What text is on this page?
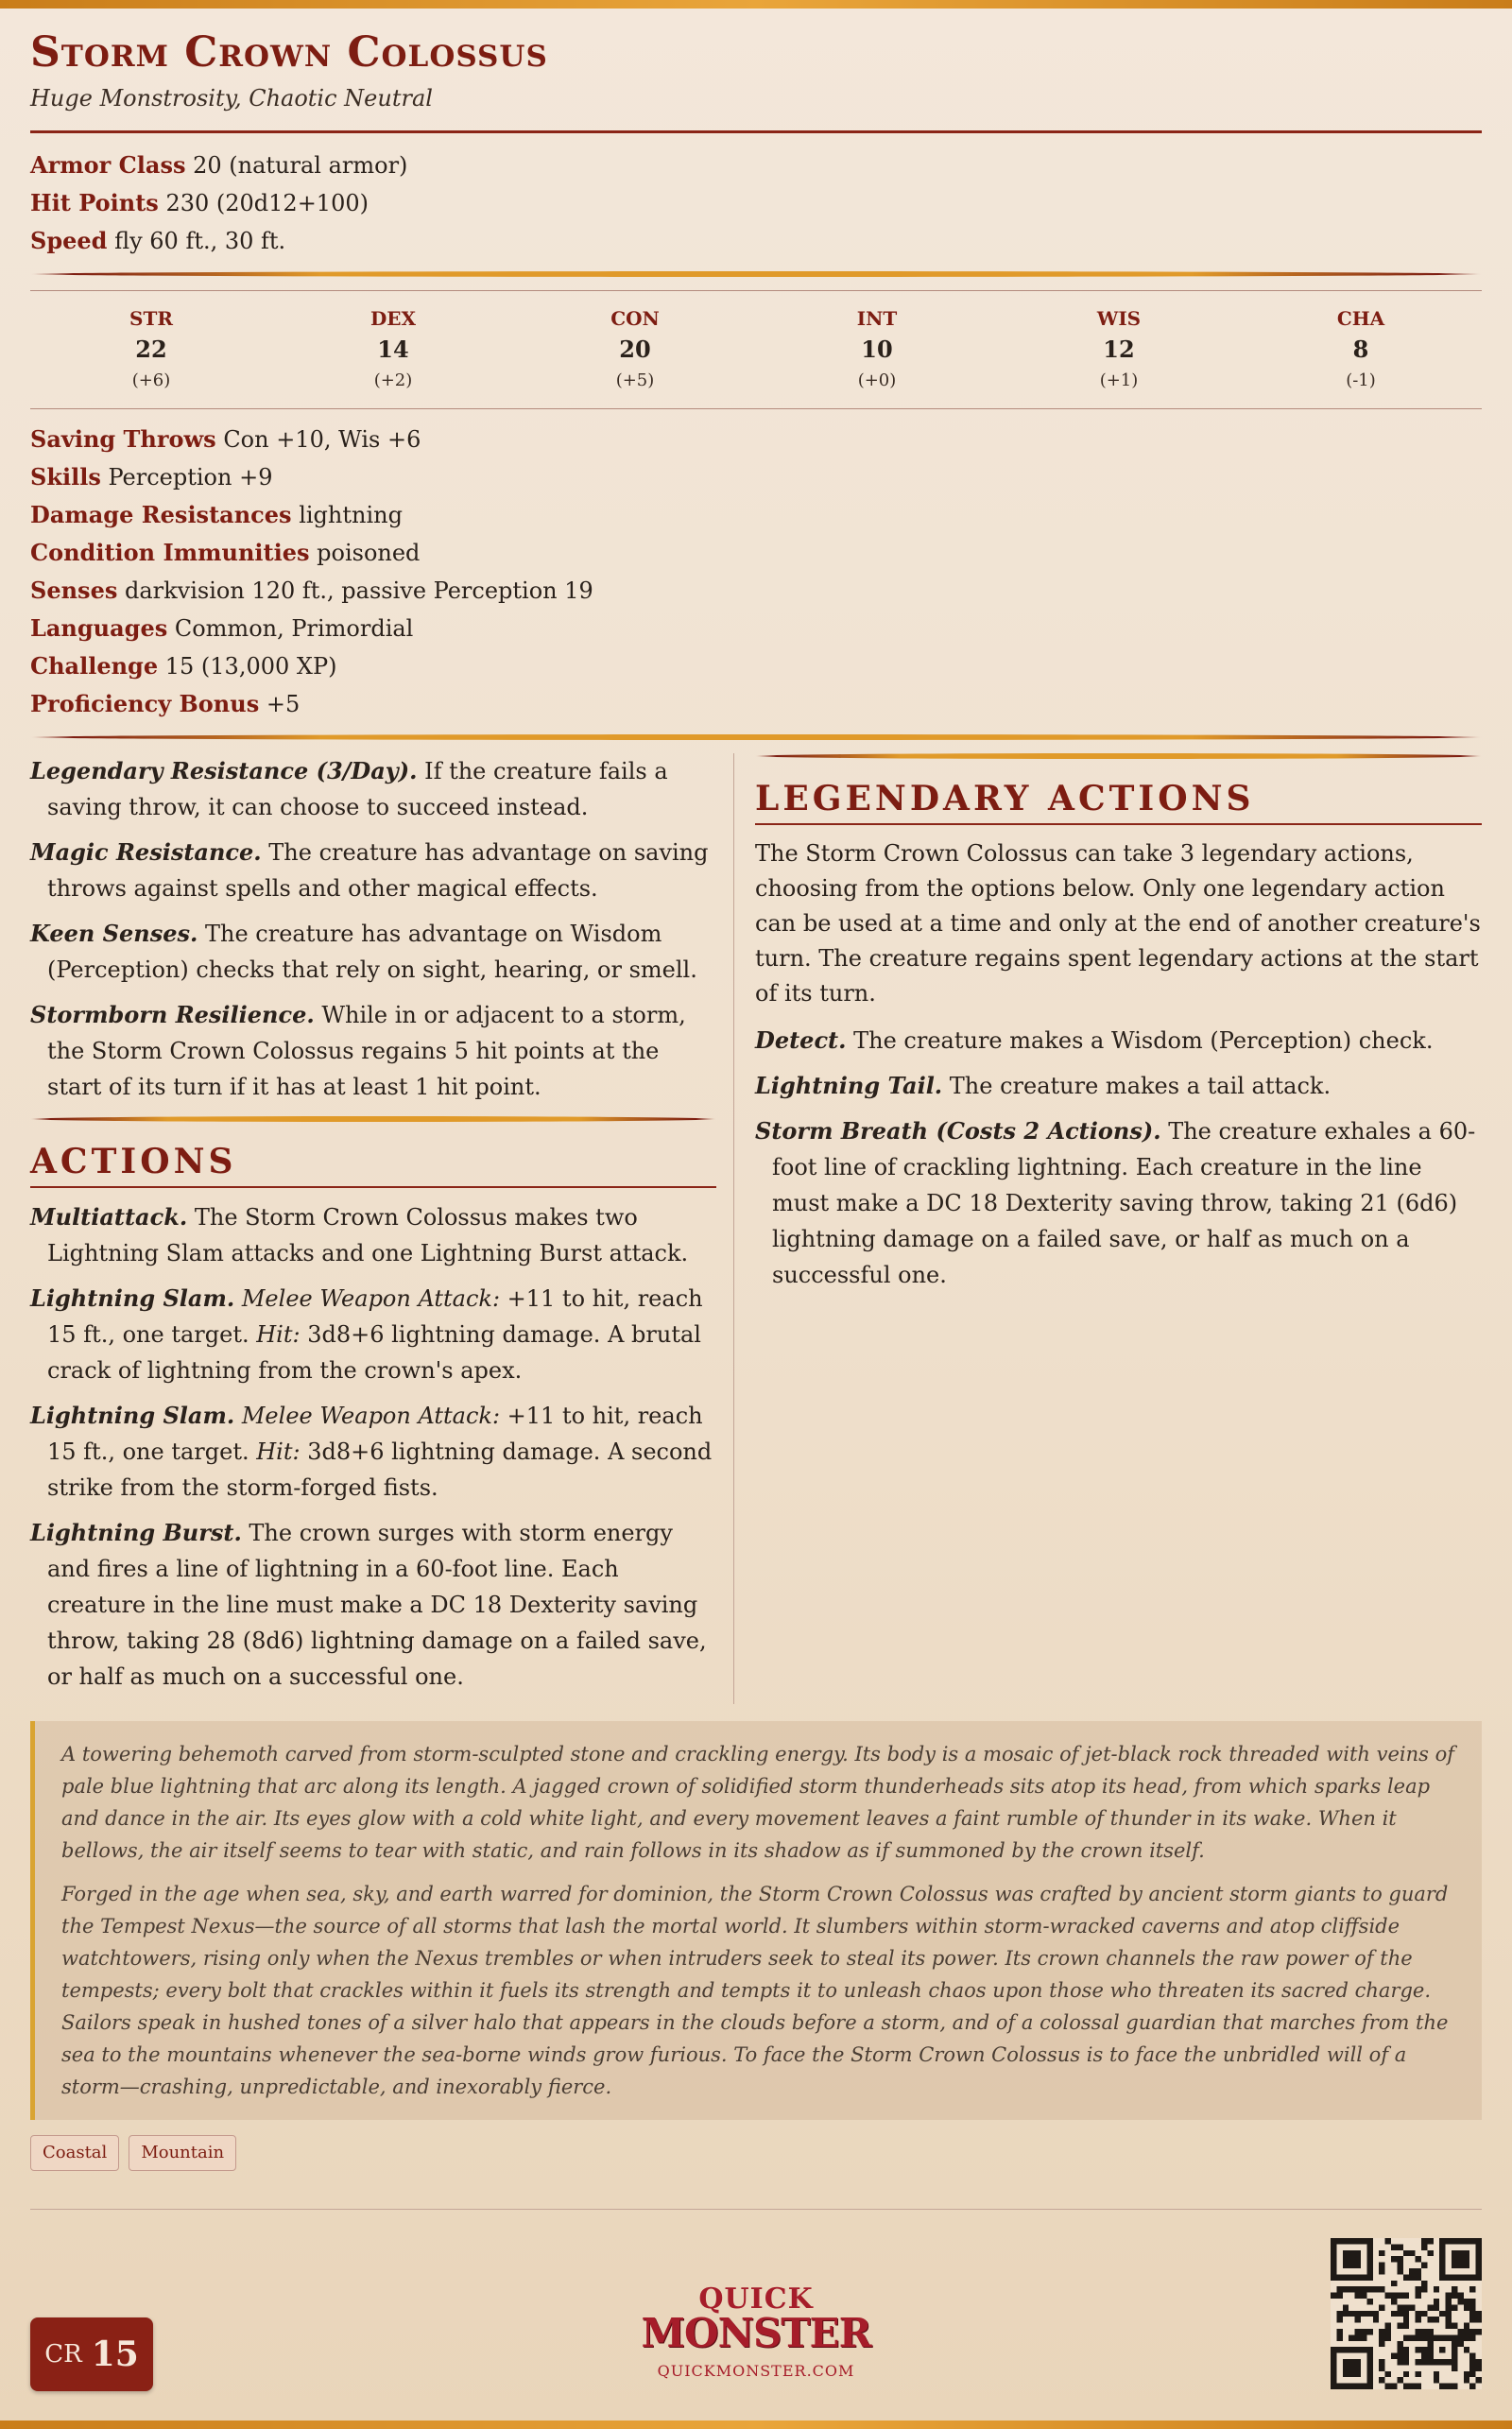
Storm Crown Colossus
Huge Monstrosity, Chaotic Neutral
Armor Class 20 (natural armor)
Hit Points 230 (20d12+100)
Speed fly 60 ft., 30 ft.
STR
22
(+6)
DEX
14
(+2)
CON
20
(+5)
INT
10
(+0)
WIS
12
(+1)
CHA
8
(-1)
Saving Throws Con +10, Wis +6
Skills Perception +9
Damage Resistances lightning
Condition Immunities poisoned
Senses darkvision 120 ft., passive Perception 19
Languages Common, Primordial
Challenge 15 (13,000 XP)
Proficiency Bonus +5

Legendary Resistance (3/Day). If the creature fails a saving throw, it can choose to succeed instead.

Magic Resistance. The creature has advantage on saving throws against spells and other magical effects.

Keen Senses. The creature has advantage on Wisdom (Perception) checks that rely on sight, hearing, or smell.

Stormborn Resilience. While in or adjacent to a storm, the Storm Crown Colossus regains 5 hit points at the start of its turn if it has at least 1 hit point.

ACTIONS

Multiattack. The Storm Crown Colossus makes two Lightning Slam attacks and one Lightning Burst attack.

Lightning Slam. Melee Weapon Attack: +11 to hit, reach 15 ft., one target. Hit: 3d8+6 lightning damage. A brutal crack of lightning from the crown's apex.

Lightning Slam. Melee Weapon Attack: +11 to hit, reach 15 ft., one target. Hit: 3d8+6 lightning damage. A second strike from the storm-forged fists.

Lightning Burst. The crown surges with storm energy and fires a line of lightning in a 60-foot line. Each creature in the line must make a DC 18 Dexterity saving throw, taking 28 (8d6) lightning damage on a failed save, or half as much on a successful one.

LEGENDARY ACTIONS

The Storm Crown Colossus can take 3 legendary actions, choosing from the options below. Only one legendary action can be used at a time and only at the end of another creature's turn. The creature regains spent legendary actions at the start of its turn.

Detect. The creature makes a Wisdom (Perception) check.

Lightning Tail. The creature makes a tail attack.

Storm Breath (Costs 2 Actions). The creature exhales a 60-foot line of crackling lightning. Each creature in the line must make a DC 18 Dexterity saving throw, taking 21 (6d6) lightning damage on a failed save, or half as much on a successful one.

A towering behemoth carved from storm-sculpted stone and crackling energy. Its body is a mosaic of jet-black rock threaded with veins of pale blue lightning that arc along its length. A jagged crown of solidified storm thunderheads sits atop its head, from which sparks leap and dance in the air. Its eyes glow with a cold white light, and every movement leaves a faint rumble of thunder in its wake. When it bellows, the air itself seems to tear with static, and rain follows in its shadow as if summoned by the crown itself.

Forged in the age when sea, sky, and earth warred for dominion, the Storm Crown Colossus was crafted by ancient storm giants to guard the Tempest Nexus—the source of all storms that lash the mortal world. It slumbers within storm-wracked caverns and atop cliffside watchtowers, rising only when the Nexus trembles or when intruders seek to steal its power. Its crown channels the raw power of the tempests; every bolt that crackles within it fuels its strength and tempts it to unleash chaos upon those who threaten its sacred charge. Sailors speak in hushed tones of a silver halo that appears in the clouds before a storm, and of a colossal guardian that marches from the sea to the mountains whenever the sea-borne winds grow furious. To face the Storm Crown Colossus is to face the unbridled will of a storm—crashing, unpredictable, and inexorably fierce.

Coastal	Mountain
CR 15
QUICK
MONSTER
QUICKMONSTER.COM
